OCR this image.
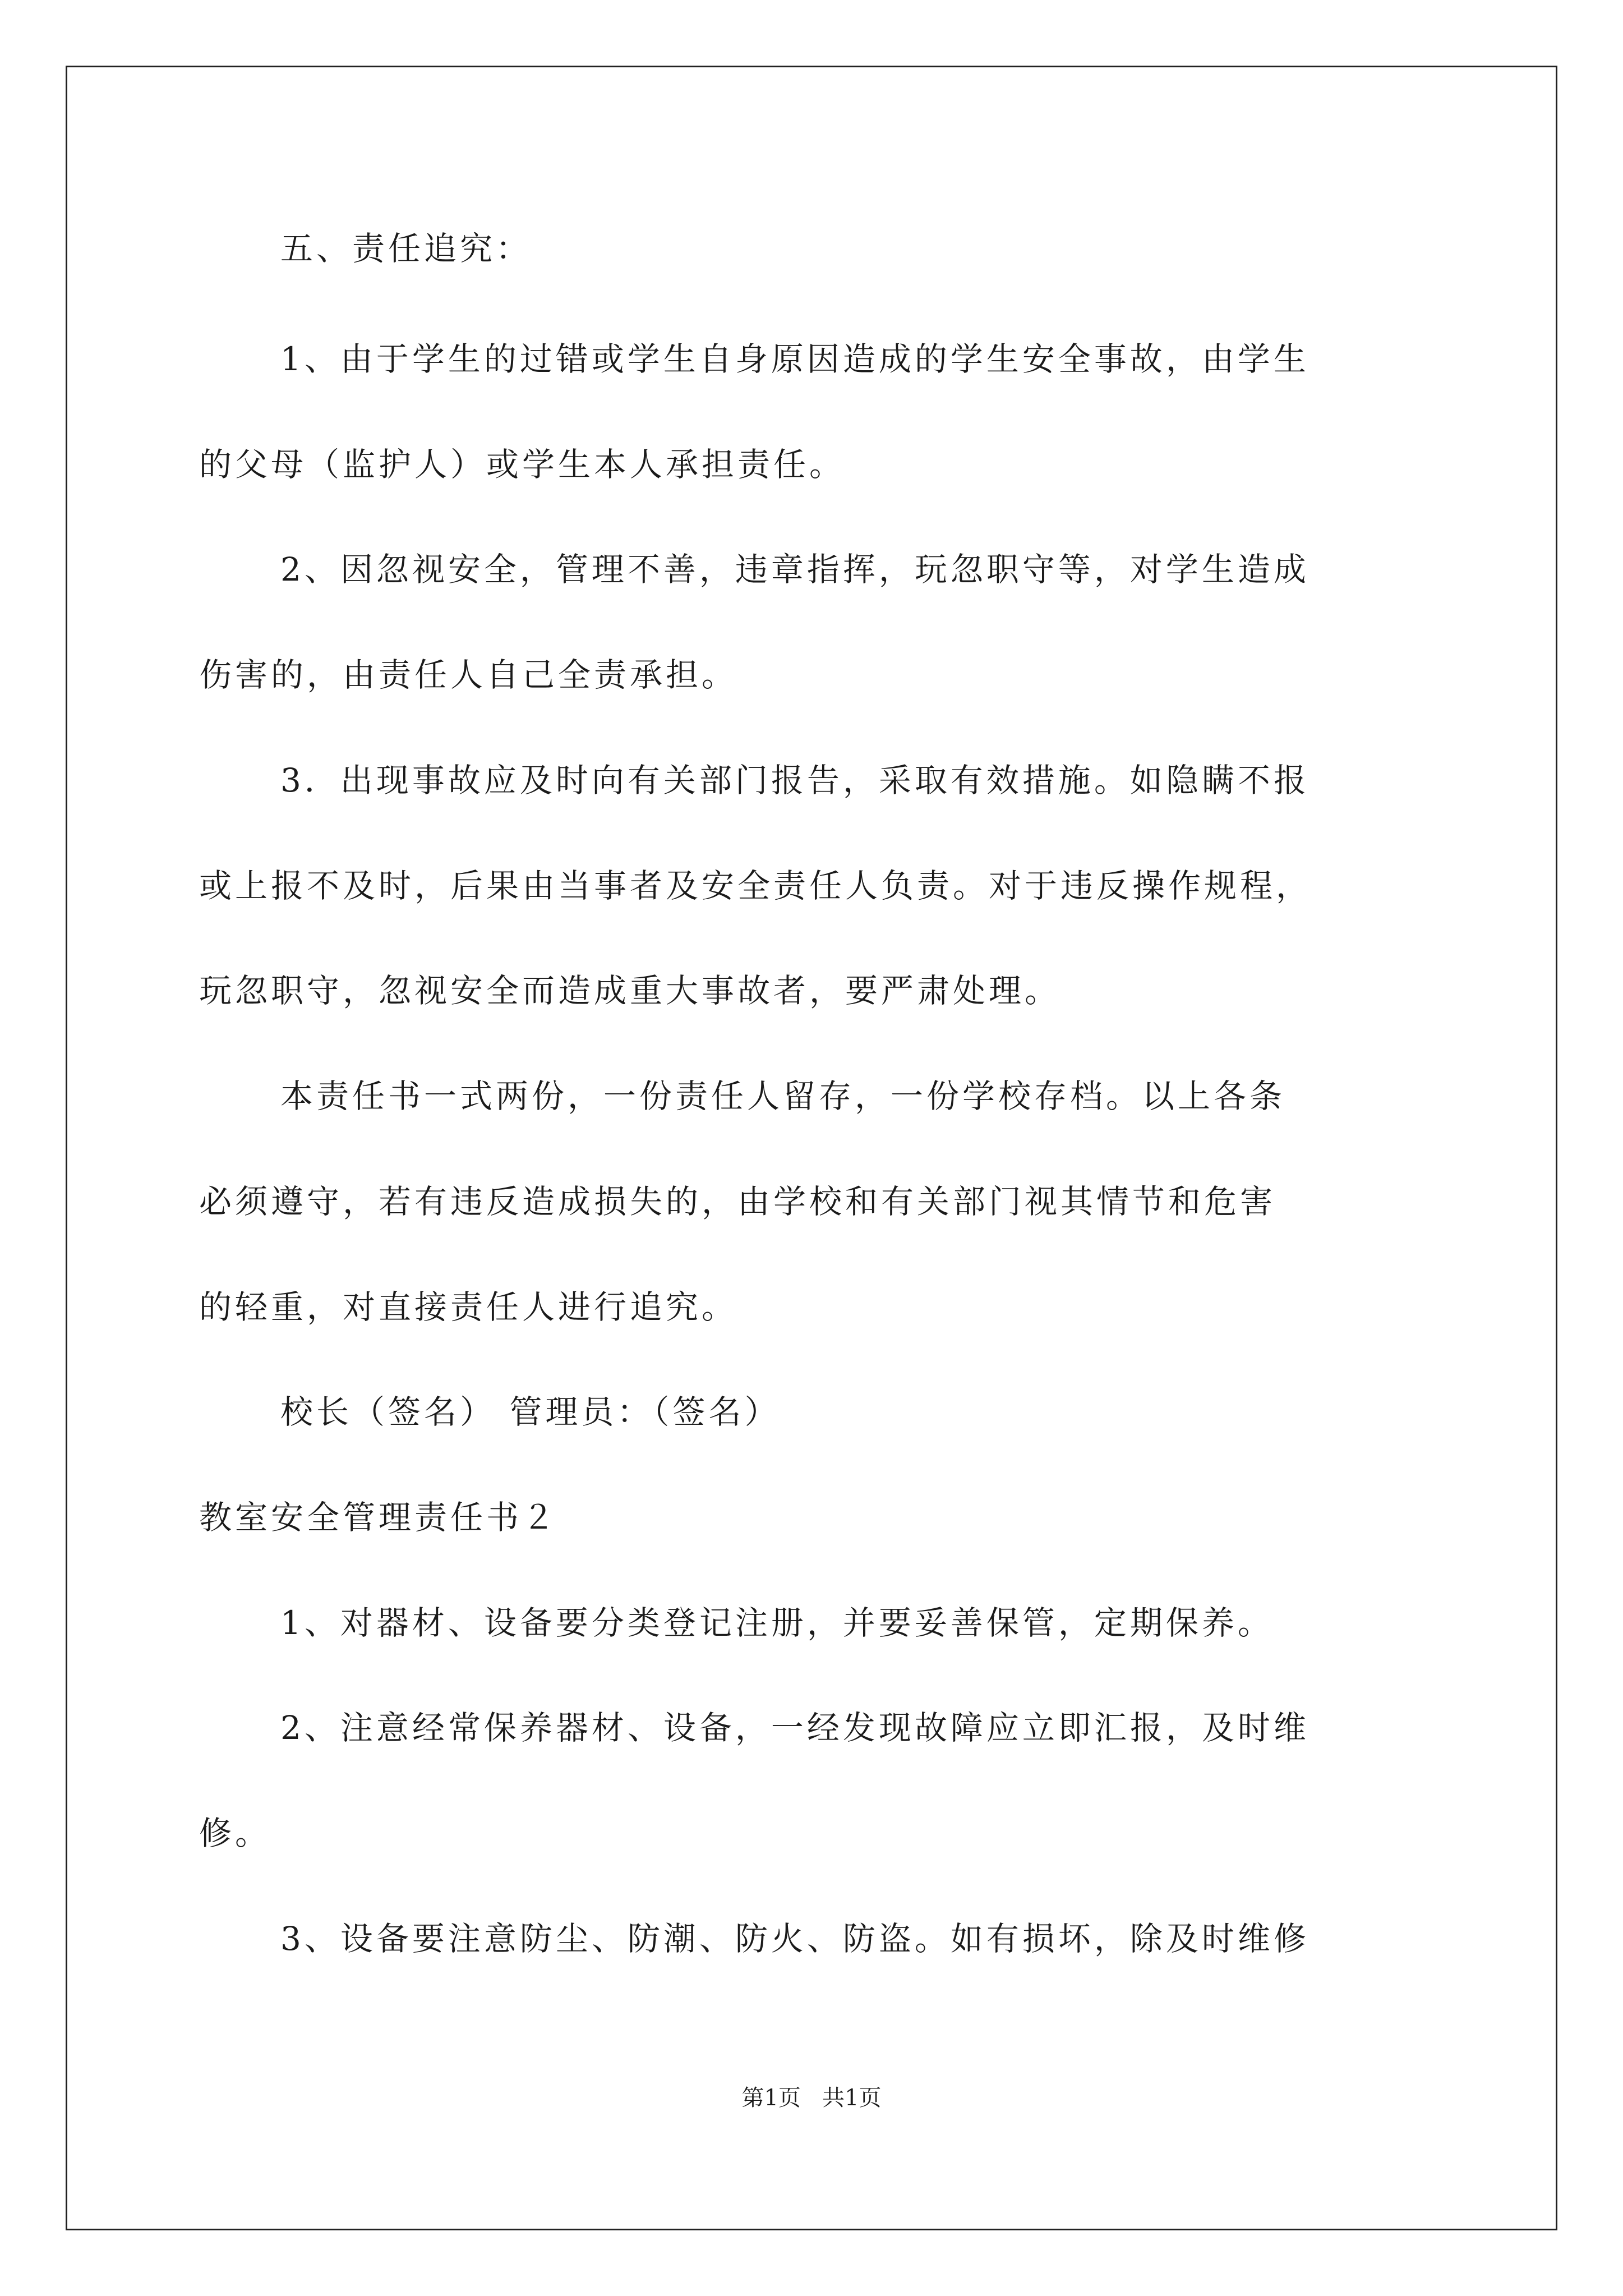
五、责任追究：

1、由于学生的过错或学生自身原因造成的学生安全事故，由学生

的父母（监护人）或学生本人承担责任。

2、因忽视安全，管理不善，违章指挥，玩忽职守等，对学生造成

伤害的，由责任人自己全责承担。

3．出现事故应及时向有关部门报告，采取有效措施。如隐瞒不报

或上报不及时，后果由当事者及安全责任人负责。对于违反操作规程，

玩忽职守，忽视安全而造成重大事故者，要严肃处理。

本责任书一式两份，一份责任人留存，一份学校存档。以上各条

必须遵守，若有违反造成损失的，由学校和有关部门视其情节和危害

的轻重，对直接责任人进行追究。

校长（签名） 管理员：（签名）

教室安全管理责任书２

1、对器材、设备要分类登记注册，并要妥善保管，定期保养。

2、注意经常保养器材、设备，一经发现故障应立即汇报，及时维

修。

3、设备要注意防尘、防潮、防火、防盗。如有损坏，除及时维修

第1页   共1页
